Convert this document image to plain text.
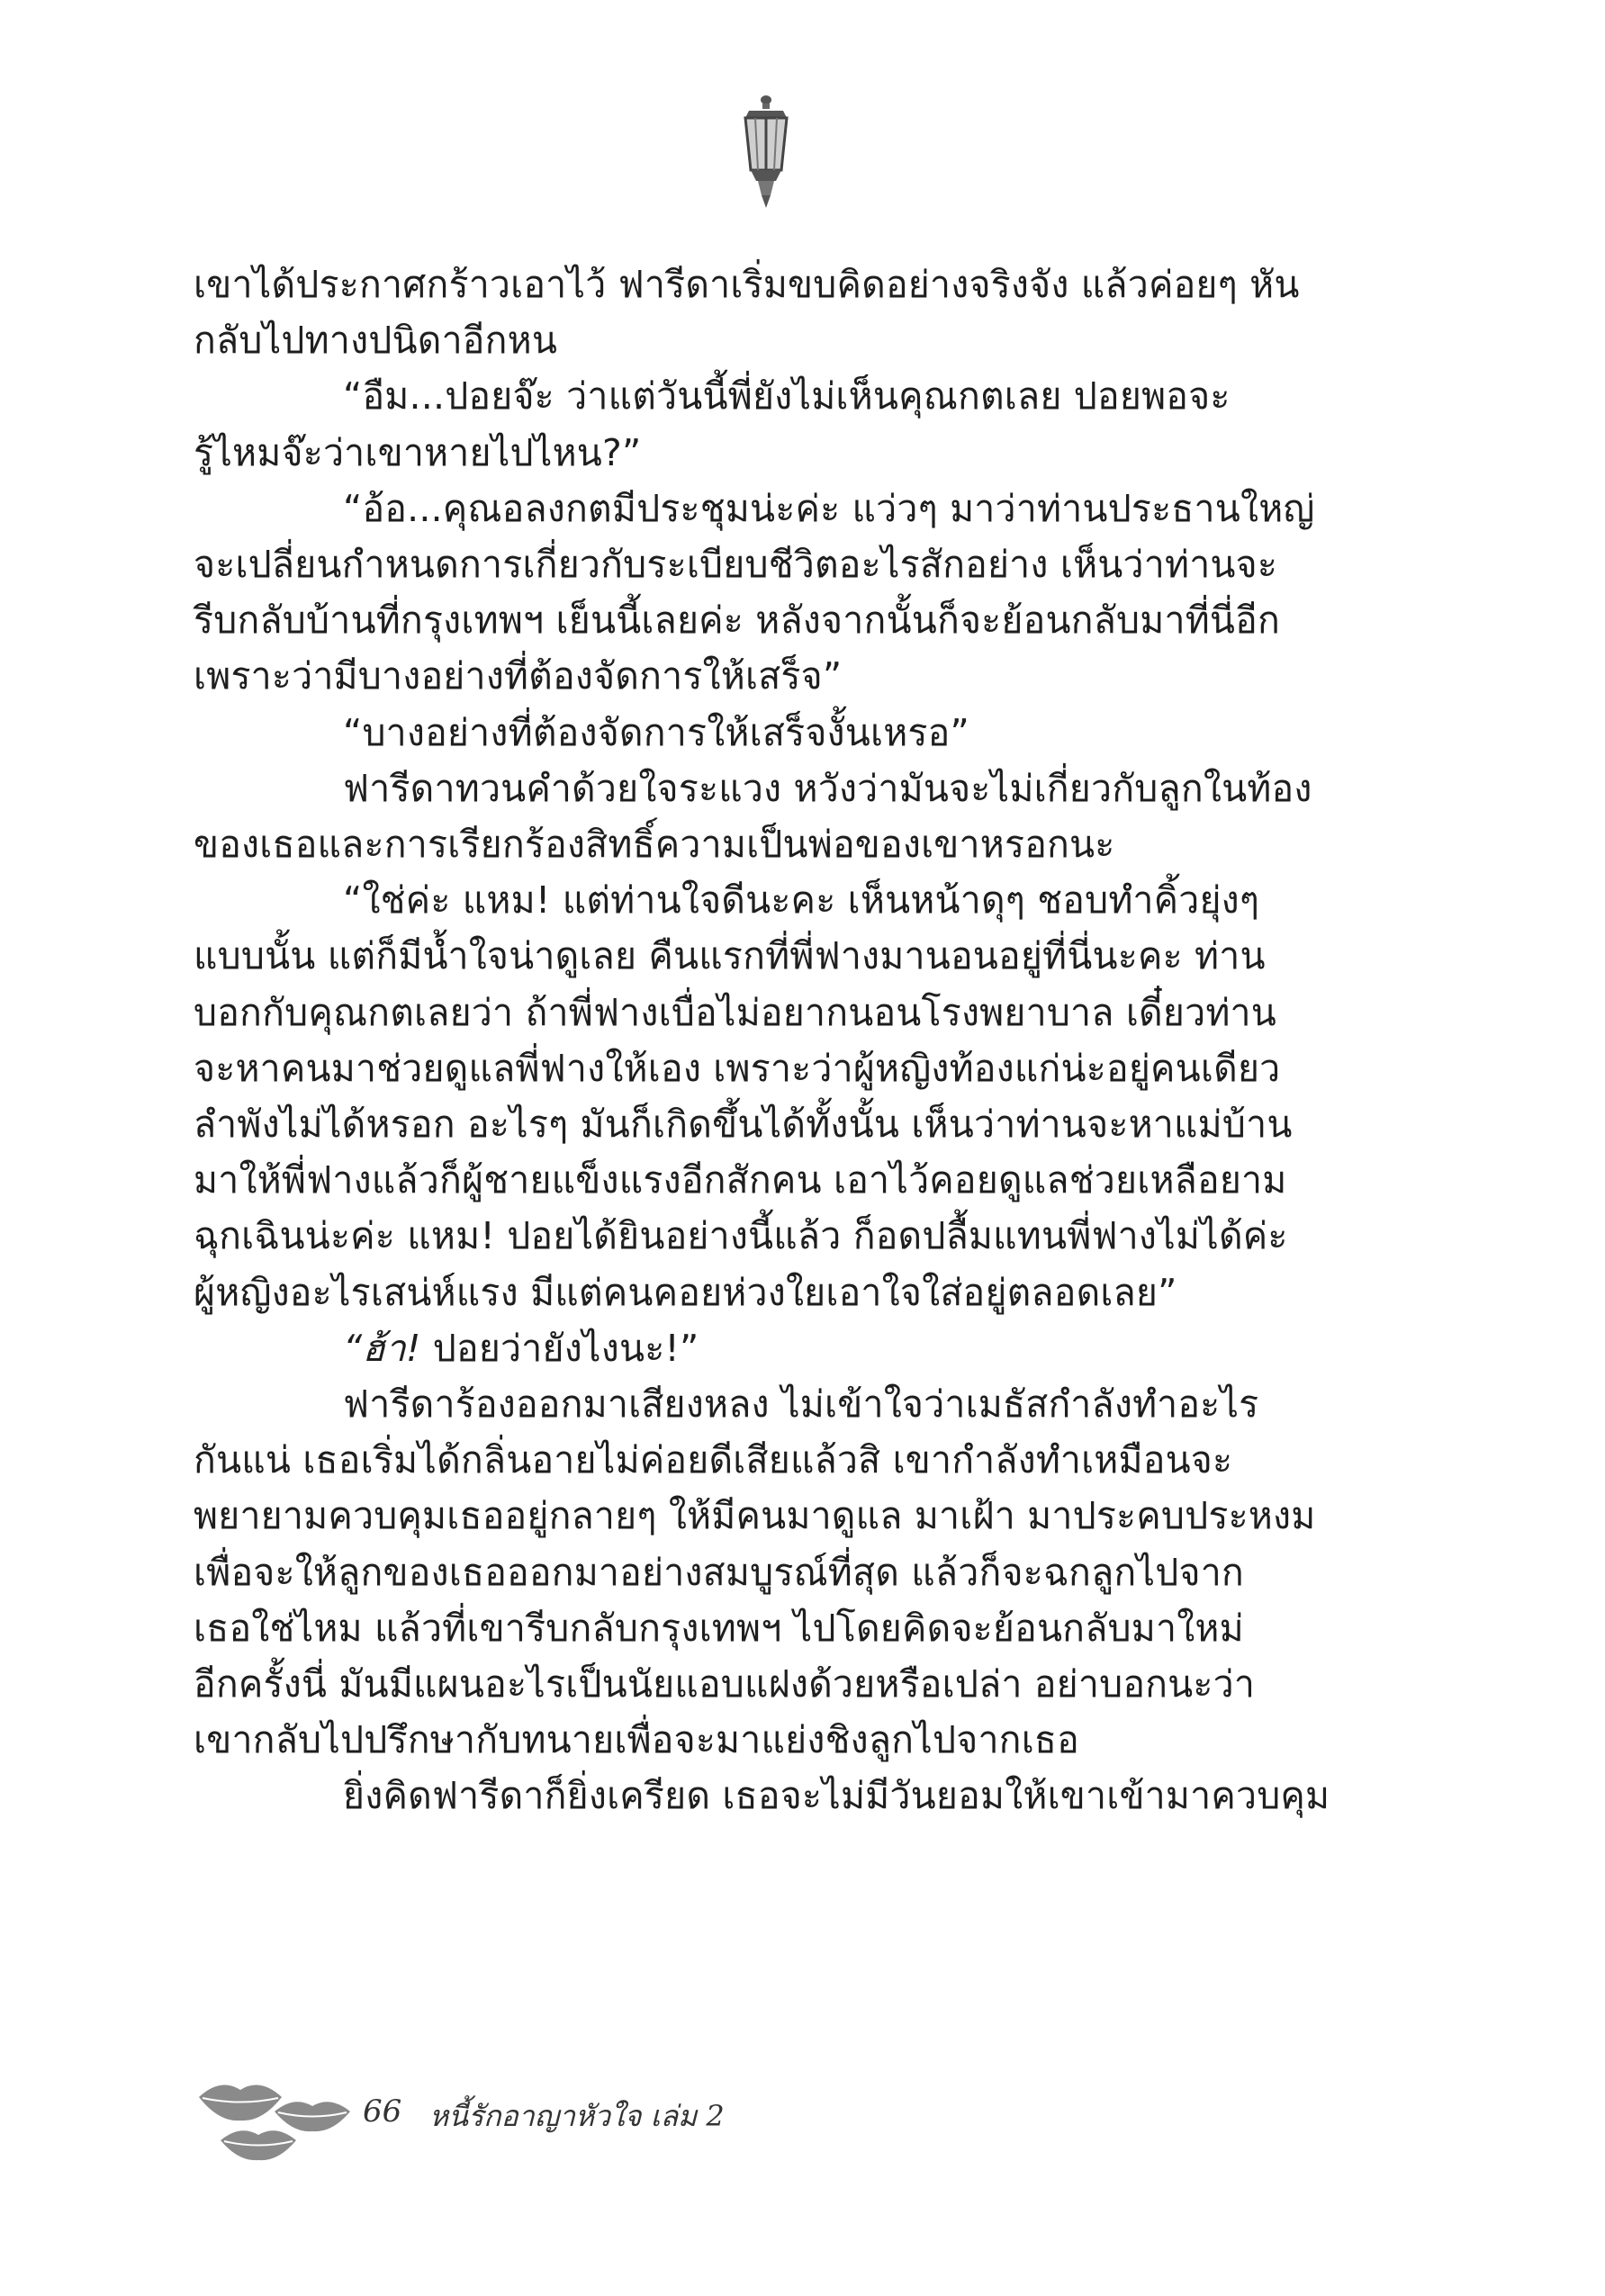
เขาได้ประกาศกร้าวเอาไว้ ฟารีดาเริ่มขบคิดอย่างจริงจัง แล้วค่อยๆ หัน
กลับไปทางปนิดาอีกหน
“อืม...ปอยจ๊ะ ว่าแต่วันนี้พี่ยังไม่เห็นคุณกตเลย ปอยพอจะ
รู้ไหมจ๊ะว่าเขาหายไปไหน?”
“อ้อ...คุณอลงกตมีประชุมน่ะค่ะ แว่วๆ มาว่าท่านประธานใหญ่
จะเปลี่ยนกำหนดการเกี่ยวกับระเบียบชีวิตอะไรสักอย่าง เห็นว่าท่านจะ
รีบกลับบ้านที่กรุงเทพฯ เย็นนี้เลยค่ะ หลังจากนั้นก็จะย้อนกลับมาที่นี่อีก
เพราะว่ามีบางอย่างที่ต้องจัดการให้เสร็จ”
“บางอย่างที่ต้องจัดการให้เสร็จงั้นเหรอ”
ฟารีดาทวนคำด้วยใจระแวง หวังว่ามันจะไม่เกี่ยวกับลูกในท้อง
ของเธอและการเรียกร้องสิทธิ์ความเป็นพ่อของเขาหรอกนะ
“ใช่ค่ะ แหม! แต่ท่านใจดีนะคะ เห็นหน้าดุๆ ชอบทำคิ้วยุ่งๆ
แบบนั้น แต่ก็มีน้ำใจน่าดูเลย คืนแรกที่พี่ฟางมานอนอยู่ที่นี่นะคะ ท่าน
บอกกับคุณกตเลยว่า ถ้าพี่ฟางเบื่อไม่อยากนอนโรงพยาบาล เดี๋ยวท่าน
จะหาคนมาช่วยดูแลพี่ฟางให้เอง เพราะว่าผู้หญิงท้องแก่น่ะอยู่คนเดียว
ลำพังไม่ได้หรอก อะไรๆ มันก็เกิดขึ้นได้ทั้งนั้น เห็นว่าท่านจะหาแม่บ้าน
มาให้พี่ฟางแล้วก็ผู้ชายแข็งแรงอีกสักคน เอาไว้คอยดูแลช่วยเหลือยาม
ฉุกเฉินน่ะค่ะ แหม! ปอยได้ยินอย่างนี้แล้ว ก็อดปลื้มแทนพี่ฟางไม่ได้ค่ะ
ผู้หญิงอะไรเสน่ห์แรง มีแต่คนคอยห่วงใยเอาใจใส่อยู่ตลอดเลย”
“ฮ้า! ปอยว่ายังไงนะ!”
ฟารีดาร้องออกมาเสียงหลง ไม่เข้าใจว่าเมธัสกำลังทำอะไร
กันแน่ เธอเริ่มได้กลิ่นอายไม่ค่อยดีเสียแล้วสิ เขากำลังทำเหมือนจะ
พยายามควบคุมเธออยู่กลายๆ ให้มีคนมาดูแล มาเฝ้า มาประคบประหงม
เพื่อจะให้ลูกของเธอออกมาอย่างสมบูรณ์ที่สุด แล้วก็จะฉกลูกไปจาก
เธอใช่ไหม แล้วที่เขารีบกลับกรุงเทพฯ ไปโดยคิดจะย้อนกลับมาใหม่
อีกครั้งนี่ มันมีแผนอะไรเป็นนัยแอบแฝงด้วยหรือเปล่า อย่าบอกนะว่า
เขากลับไปปรึกษากับทนายเพื่อจะมาแย่งชิงลูกไปจากเธอ
ยิ่งคิดฟารีดาก็ยิ่งเครียด เธอจะไม่มีวันยอมให้เขาเข้ามาควบคุม
66 หนี้รักอาญาหัวใจ เล่ม 2
